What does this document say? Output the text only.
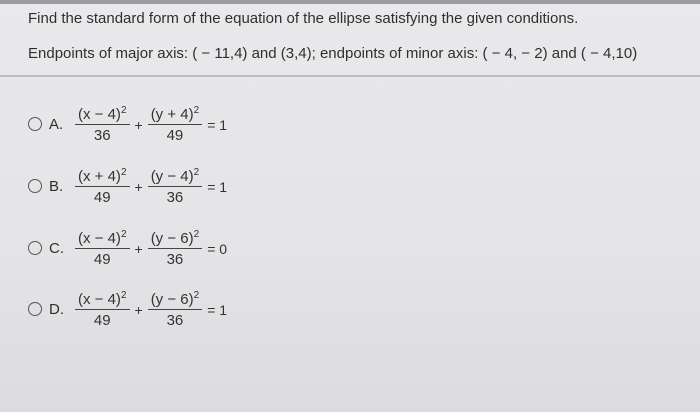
Find the standard form of the equation of the ellipse satisfying the given conditions.
Endpoints of major axis: ( − 11,4) and (3,4); endpoints of minor axis: ( − 4, − 2) and ( − 4,10)
A. $\frac{(x - 4)^2}{36} + \frac{(y + 4)^2}{49} = 1$
B. $\frac{(x + 4)^2}{49} + \frac{(y - 4)^2}{36} = 1$
C. $\frac{(x - 4)^2}{49} + \frac{(y - 6)^2}{36} = 0$
D. $\frac{(x - 4)^2}{49} + \frac{(y - 6)^2}{36} = 1$
